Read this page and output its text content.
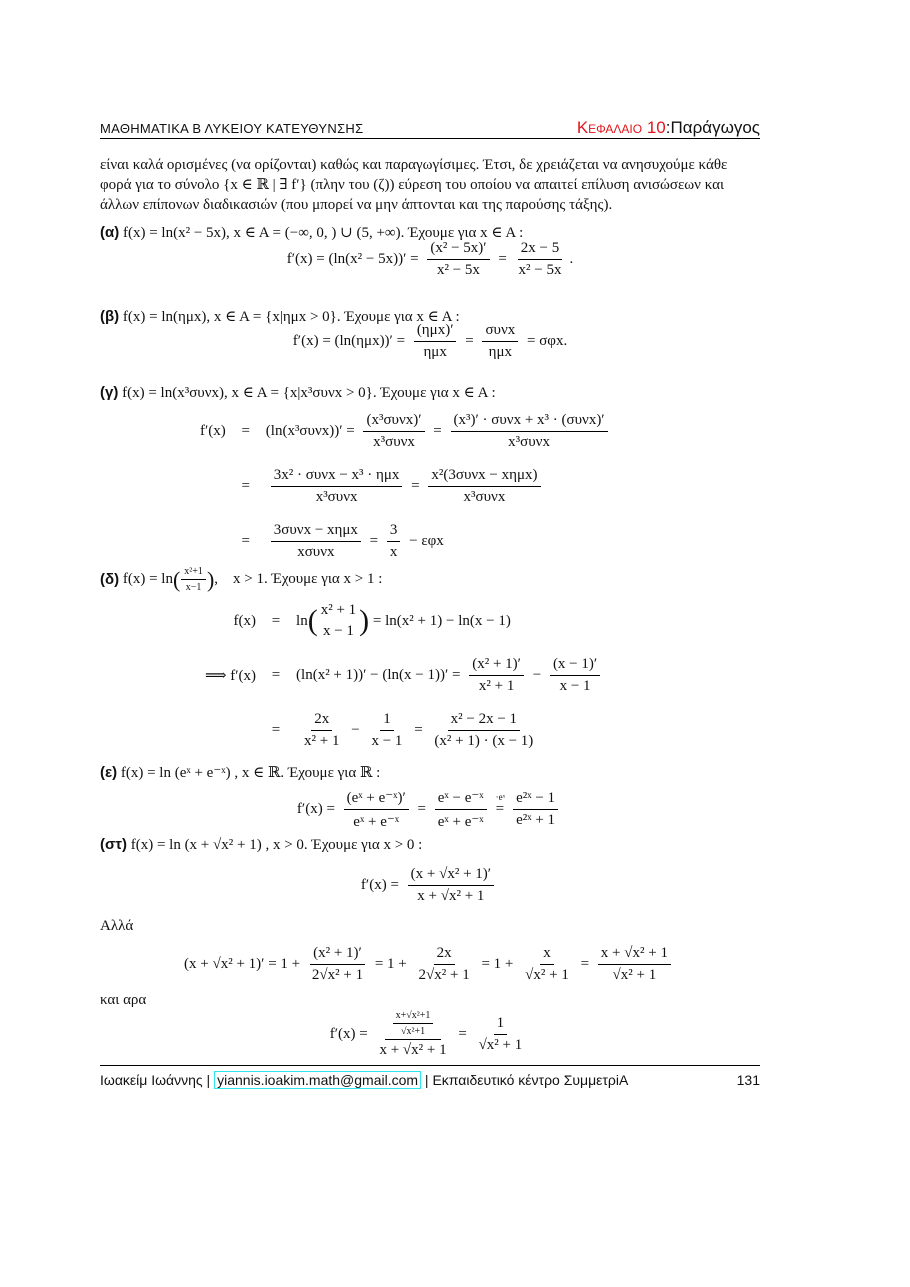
ΜΑΘΗΜΑΤΙΚΑ Β ΛΥΚΕΙΟΥ ΚΑΤΕΥΘΥΝΣΗΣ	Κεφαλαιο 10:Παράγωγος
είναι καλά ορισμένες (να ορίζονται) καθώς και παραγωγίσιμες. Έτσι, δε χρειάζεται να ανησυχούμε κάθε
φορά για το σύνολο {x ∈ ℝ | ∃ f′} (πλην του (ζ)) εύρεση του οποίου να απαιτεί επίλυση ανισώσεων και
άλλων επίπονων διαδικασιών (που μπορεί να μην άπτονται και της παρούσης τάξης).
(α) f(x) = ln(x² − 5x), x ∈ A = (−∞, 0, ) ∪ (5, +∞). Έχουμε για x ∈ A :
$f'(x) = (\ln(x^2 - 5x))' = \frac{\text{(x² − 5x)′}}{\text{x² − 5x}} = \frac{2x - 5}{\text{x² − 5x}}$ .
(β) f(x) = ln(ημx), x ∈ A = {x|ημx > 0}. Έχουμε για x ∈ A :
$f'(x) = (\ln(\eta\mu x))' = \frac{\text{(ημx)′}}{\text{ημx}} = \frac{\text{συνx}}{\text{ημx}} = \sigma\varphi x$.
(γ) f(x) = ln(x³συνx), x ∈ A = {x|x³συνx > 0}. Έχουμε για x ∈ A :
f′(x)	=	$(\ln(x^3\sigma\upsilon\nu x))' = \frac{\text{(x³συνx)′}}{\text{x³συνx}} = \frac{\text{(x³)′ · συνx + x³ · (συνx)′}}{\text{x³συνx}}$
=	$\frac{\text{3x² · συνx − x³ · ημx}}{\text{x³συνx}} = \frac{\text{x²(3συνx − xημx)}}{\text{x³συνx}}$
=	$\frac{\text{3συνx − xημx}}{\text{xσυνx}} = \frac{3}{x} - \varepsilon\varphi x$
(δ) f(x) = ln ( $\frac{\text{x²+1}}{x-1}$ ) ,    x > 1. Έχουμε για x > 1 :
f(x)	=	ln ( x² + 1
x − 1 ) = ln(x² + 1) − ln(x − 1)
⟹ f′(x)	=	$(\ln(x^2 + 1))' - (\ln(x - 1))' = \frac{\text{(x² + 1)′}}{\text{x² + 1}} - \frac{(x - 1)'}{x - 1}$
=	$\frac{2x}{\text{x² + 1}} - \frac{1}{x - 1} = \frac{\text{x² − 2x − 1}}{\text{(x² + 1) · (x − 1)}}$
(ε) f(x) = ln (eˣ + e⁻ˣ) , x ∈ ℝ. Έχουμε για ℝ :
$f'(x) = \frac{\text{(eˣ + e⁻ˣ)′}}{\text{eˣ + e⁻ˣ}} = \frac{\text{eˣ − e⁻ˣ}}{\text{eˣ + e⁻ˣ}}$ ·eˣ
= $\frac{\text{e²ˣ − 1}}{\text{e²ˣ + 1}}$
(στ) f(x) = ln (x + √x² + 1) , x > 0. Έχουμε για x > 0 :
$f'(x) = \frac{\text{(x + √x² + 1)′}}{\text{x + √x² + 1}}$
Αλλά
$(x + √x^2 + 1)' = 1 + \frac{\text{(x² + 1)′}}{\text{2√x² + 1}} = 1 + \frac{2x}{\text{2√x² + 1}} = 1 + \frac{x}{\text{√x² + 1}} = \frac{\text{x + √x² + 1}}{\text{√x² + 1}}$
και αρα
$f'(x) = \frac{\frac{\text{x+√x²+1}}{\text{√x²+1}}}{\text{x + √x² + 1}} = \frac{1}{\text{√x² + 1}}$
Ιωακείμ Ιωάννης | yiannis.ioakim.math@gmail.com | Εκπαιδευτικό κέντρο ΣυμμετρiA	131
